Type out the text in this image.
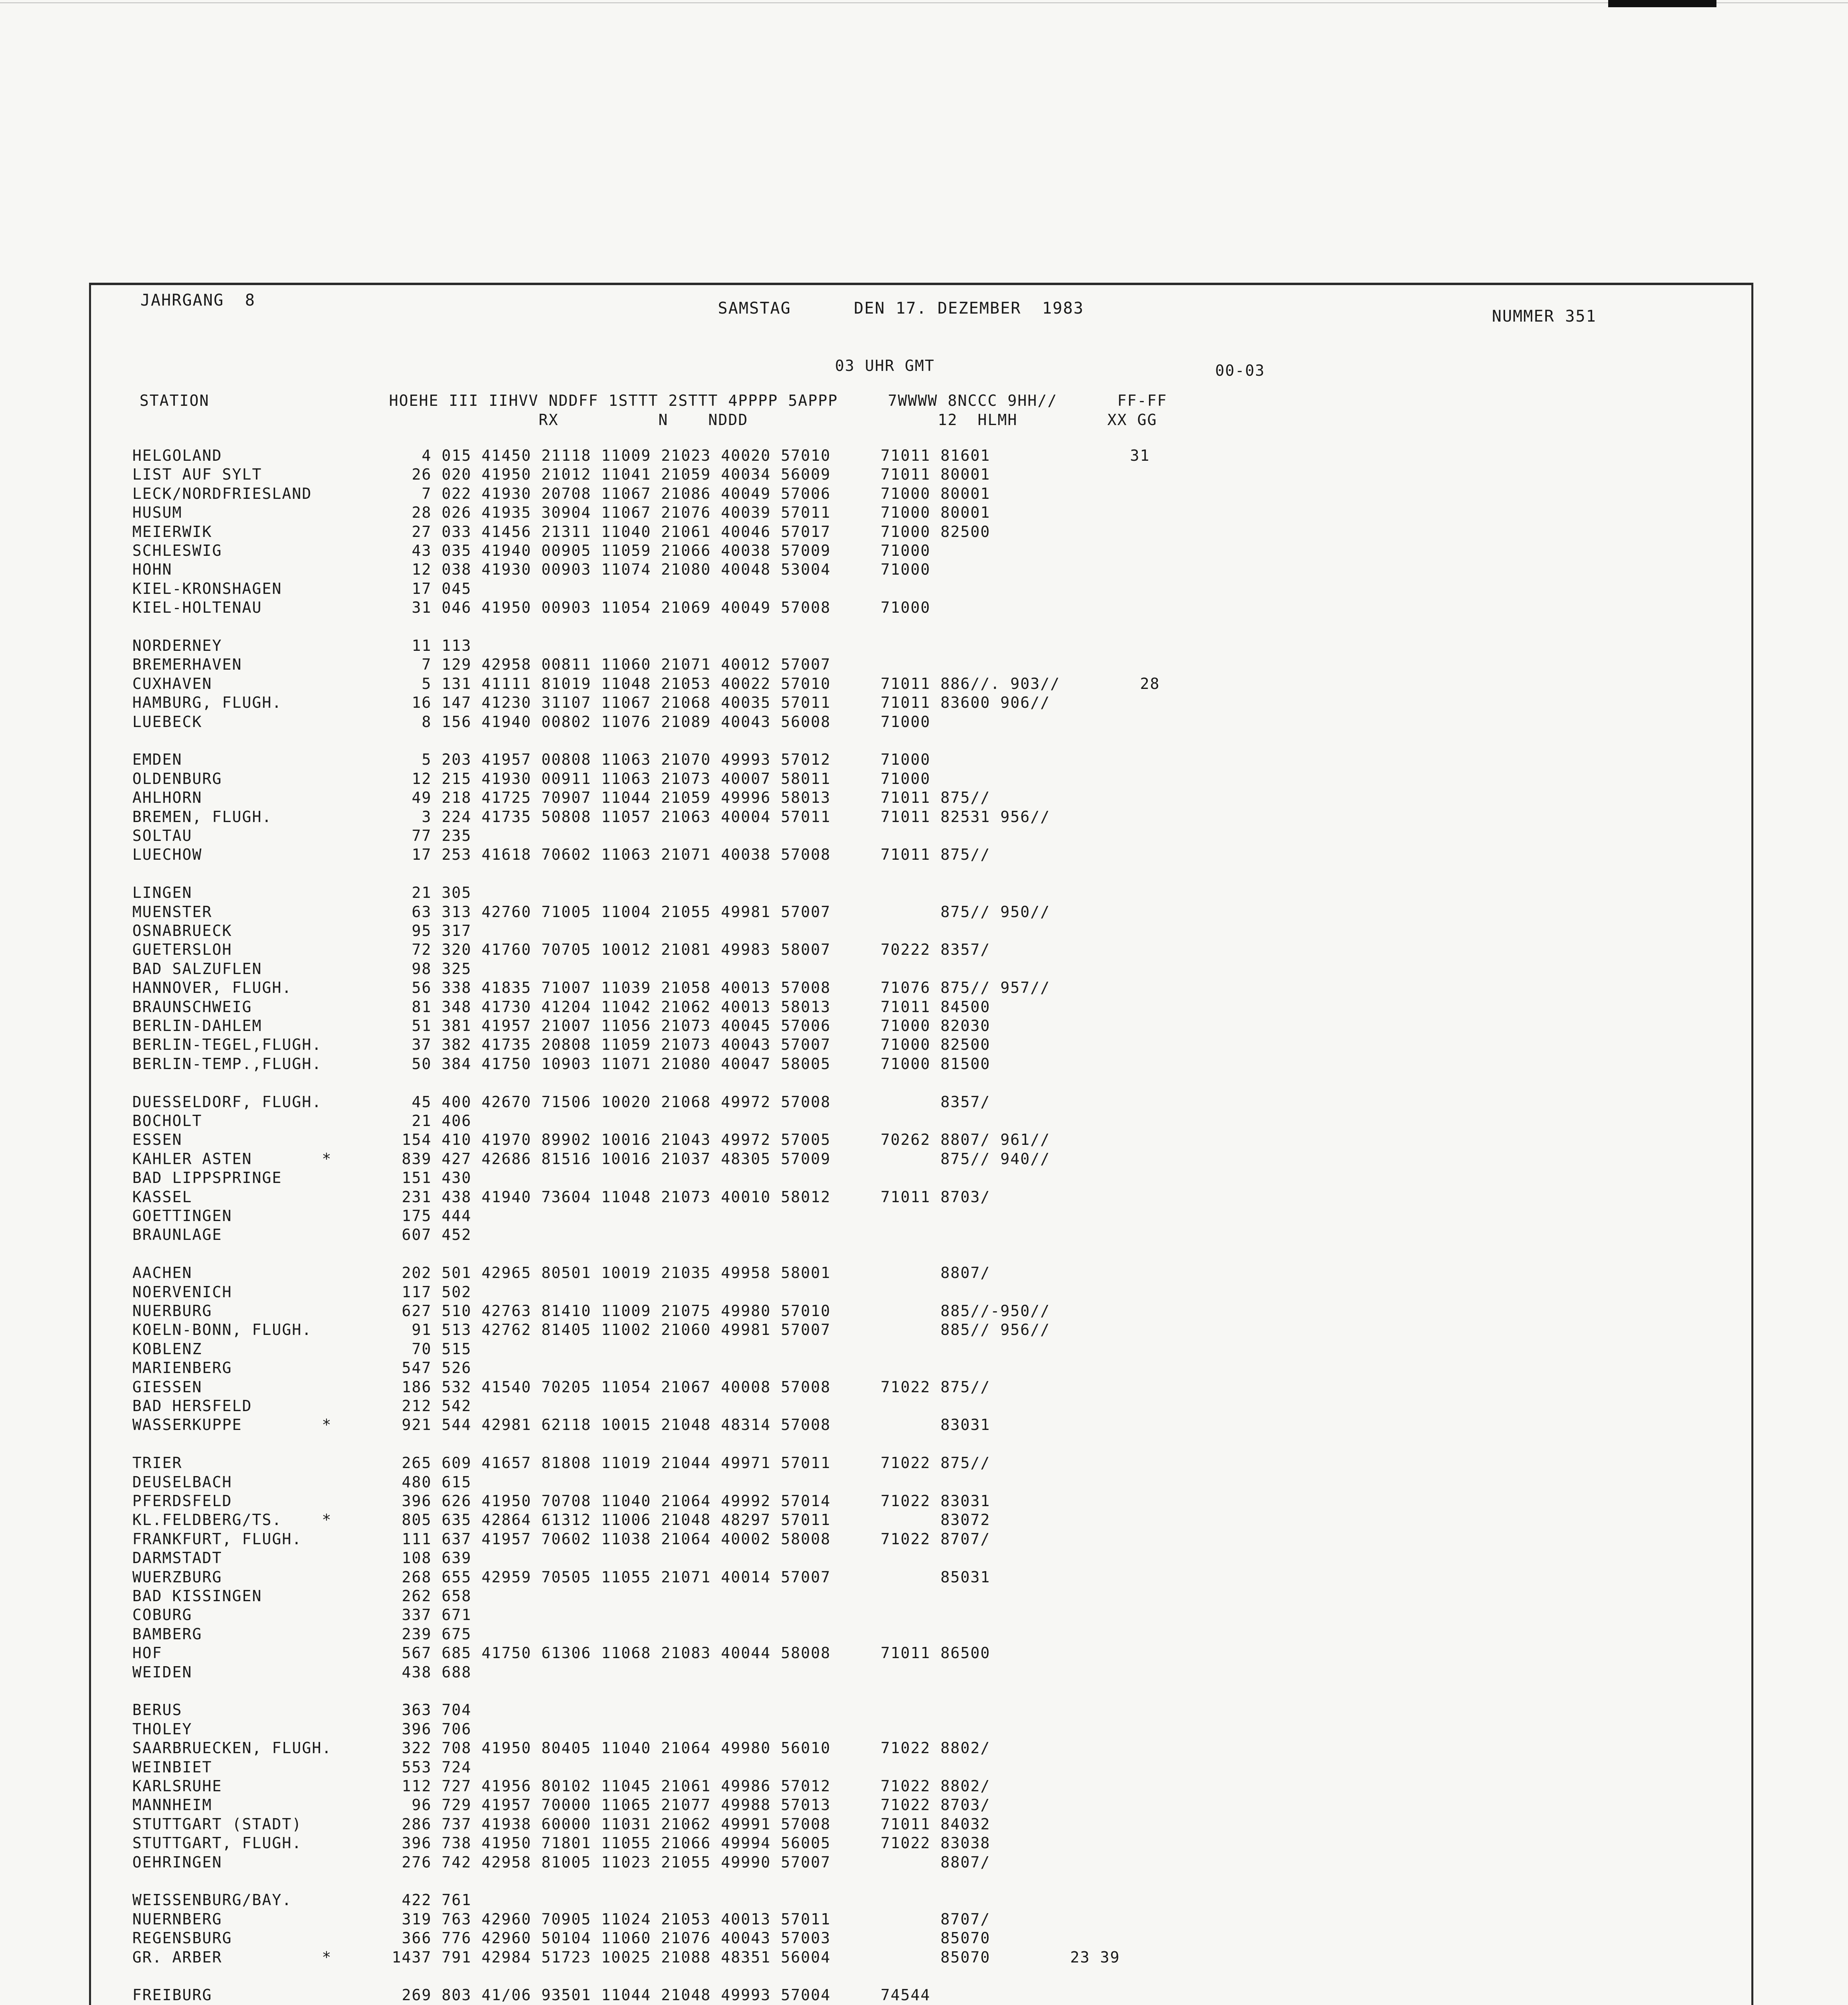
JAHRGANG  8	SAMSTAG      DEN 17. DEZEMBER  1983	NUMMER 351
03 UHR GMT	00-03
STATION                  HOEHE III IIHVV NDDFF 1STTT 2STTT 4PPPP 5APPP     7WWWW 8NCCC 9HH//      FF-FF
RX          N    NDDD                   12  HLMH         XX GG
HELGOLAND                    4 015 41450 21118 11009 21023 40020 57010     71011 81601              31
LIST AUF SYLT               26 020 41950 21012 11041 21059 40034 56009     71011 80001
LECK/NORDFRIESLAND           7 022 41930 20708 11067 21086 40049 57006     71000 80001
HUSUM                       28 026 41935 30904 11067 21076 40039 57011     71000 80001
MEIERWIK                    27 033 41456 21311 11040 21061 40046 57017     71000 82500
SCHLESWIG                   43 035 41940 00905 11059 21066 40038 57009     71000
HOHN                        12 038 41930 00903 11074 21080 40048 53004     71000
KIEL-KRONSHAGEN             17 045
KIEL-HOLTENAU               31 046 41950 00903 11054 21069 40049 57008     71000
NORDERNEY                   11 113
BREMERHAVEN                  7 129 42958 00811 11060 21071 40012 57007
CUXHAVEN                     5 131 41111 81019 11048 21053 40022 57010     71011 886//. 903//        28
HAMBURG, FLUGH.             16 147 41230 31107 11067 21068 40035 57011     71011 83600 906//
LUEBECK                      8 156 41940 00802 11076 21089 40043 56008     71000
EMDEN                        5 203 41957 00808 11063 21070 49993 57012     71000
OLDENBURG                   12 215 41930 00911 11063 21073 40007 58011     71000
AHLHORN                     49 218 41725 70907 11044 21059 49996 58013     71011 875//
BREMEN, FLUGH.               3 224 41735 50808 11057 21063 40004 57011     71011 82531 956//
SOLTAU                      77 235
LUECHOW                     17 253 41618 70602 11063 21071 40038 57008     71011 875//
LINGEN                      21 305
MUENSTER                    63 313 42760 71005 11004 21055 49981 57007           875// 950//
OSNABRUECK                  95 317
GUETERSLOH                  72 320 41760 70705 10012 21081 49983 58007     70222 8357/
BAD SALZUFLEN               98 325
HANNOVER, FLUGH.            56 338 41835 71007 11039 21058 40013 57008     71076 875// 957//
BRAUNSCHWEIG                81 348 41730 41204 11042 21062 40013 58013     71011 84500
BERLIN-DAHLEM               51 381 41957 21007 11056 21073 40045 57006     71000 82030
BERLIN-TEGEL,FLUGH.         37 382 41735 20808 11059 21073 40043 57007     71000 82500
BERLIN-TEMP.,FLUGH.         50 384 41750 10903 11071 21080 40047 58005     71000 81500
DUESSELDORF, FLUGH.         45 400 42670 71506 10020 21068 49972 57008           8357/
BOCHOLT                     21 406
ESSEN                      154 410 41970 89902 10016 21043 49972 57005     70262 8807/ 961//
KAHLER ASTEN       *       839 427 42686 81516 10016 21037 48305 57009           875// 940//
BAD LIPPSPRINGE            151 430
KASSEL                     231 438 41940 73604 11048 21073 40010 58012     71011 8703/
GOETTINGEN                 175 444
BRAUNLAGE                  607 452
AACHEN                     202 501 42965 80501 10019 21035 49958 58001           8807/
NOERVENICH                 117 502
NUERBURG                   627 510 42763 81410 11009 21075 49980 57010           885//-950//
KOELN-BONN, FLUGH.          91 513 42762 81405 11002 21060 49981 57007           885// 956//
KOBLENZ                     70 515
MARIENBERG                 547 526
GIESSEN                    186 532 41540 70205 11054 21067 40008 57008     71022 875//
BAD HERSFELD               212 542
WASSERKUPPE        *       921 544 42981 62118 10015 21048 48314 57008           83031
TRIER                      265 609 41657 81808 11019 21044 49971 57011     71022 875//
DEUSELBACH                 480 615
PFERDSFELD                 396 626 41950 70708 11040 21064 49992 57014     71022 83031
KL.FELDBERG/TS.    *       805 635 42864 61312 11006 21048 48297 57011           83072
FRANKFURT, FLUGH.          111 637 41957 70602 11038 21064 40002 58008     71022 8707/
DARMSTADT                  108 639
WUERZBURG                  268 655 42959 70505 11055 21071 40014 57007           85031
BAD KISSINGEN              262 658
COBURG                     337 671
BAMBERG                    239 675
HOF                        567 685 41750 61306 11068 21083 40044 58008     71011 86500
WEIDEN                     438 688
BERUS                      363 704
THOLEY                     396 706
SAARBRUECKEN, FLUGH.       322 708 41950 80405 11040 21064 49980 56010     71022 8802/
WEINBIET                   553 724
KARLSRUHE                  112 727 41956 80102 11045 21061 49986 57012     71022 8802/
MANNHEIM                    96 729 41957 70000 11065 21077 49988 57013     71022 8703/
STUTTGART (STADT)          286 737 41938 60000 11031 21062 49991 57008     71011 84032
STUTTGART, FLUGH.          396 738 41950 71801 11055 21066 49994 56005     71022 83038
OEHRINGEN                  276 742 42958 81005 11023 21055 49990 57007           8807/
WEISSENBURG/BAY.           422 761
NUERNBERG                  319 763 42960 70905 11024 21053 40013 57011           8707/
REGENSBURG                 366 776 42960 50104 11060 21076 40043 57003           85070
GR. ARBER          *      1437 791 42984 51723 10025 21088 48351 56004           85070        23 39
FREIBURG                   269 803 41/06 93501 11044 21048 49993 57004     74544
